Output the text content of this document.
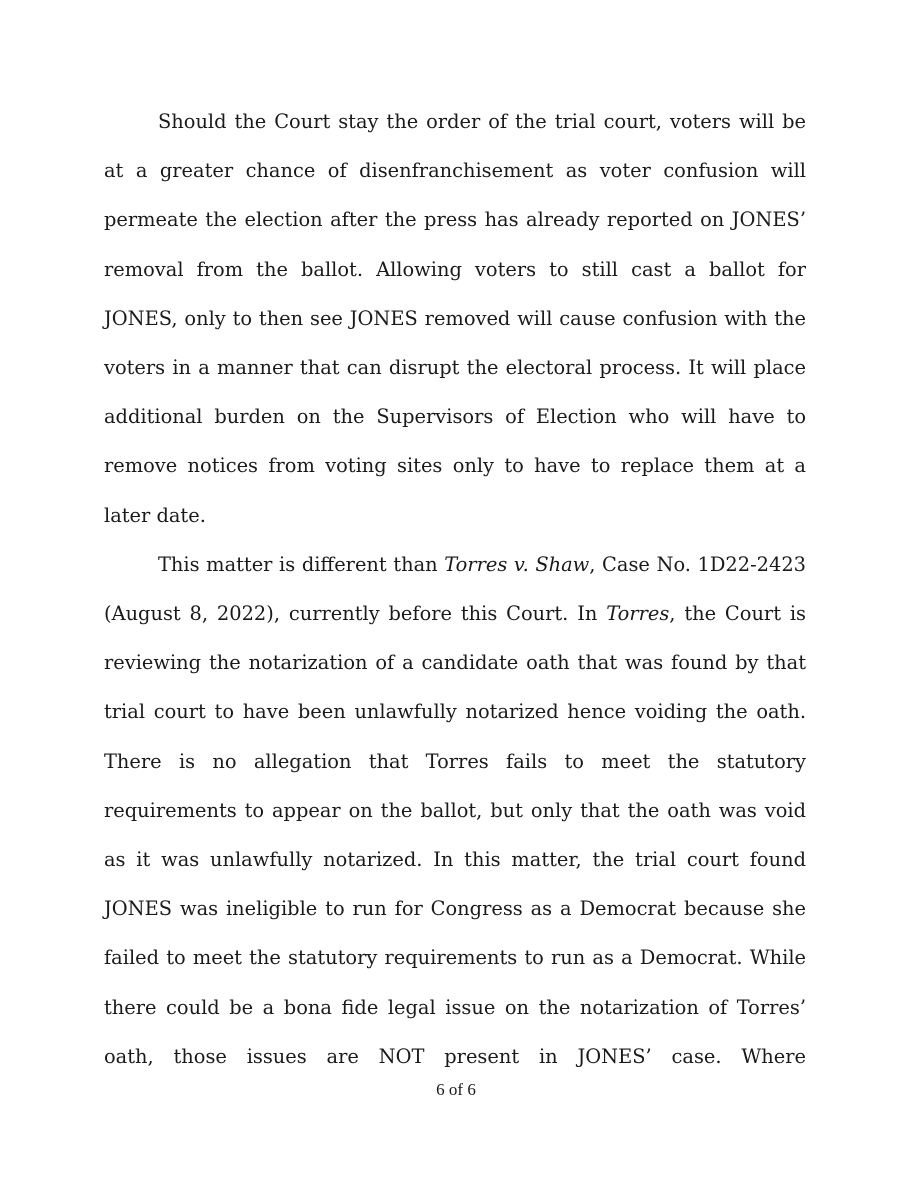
Should the Court stay the order of the trial court, voters will be at a greater chance of disenfranchisement as voter confusion will permeate the election after the press has already reported on JONES’ removal from the ballot. Allowing voters to still cast a ballot for JONES, only to then see JONES removed will cause confusion with the voters in a manner that can disrupt the electoral process. It will place additional burden on the Supervisors of Election who will have to remove notices from voting sites only to have to replace them at a later date.

This matter is different than Torres v. Shaw, Case No. 1D22-2423 (August 8, 2022), currently before this Court. In Torres, the Court is reviewing the notarization of a candidate oath that was found by that trial court to have been unlawfully notarized hence voiding the oath. There is no allegation that Torres fails to meet the statutory requirements to appear on the ballot, but only that the oath was void as it was unlawfully notarized. In this matter, the trial court found JONES was ineligible to run for Congress as a Democrat because she failed to meet the statutory requirements to run as a Democrat. While there could be a bona fide legal issue on the notarization of Torres’ oath, those issues are NOT present in JONES’ case. Where

6 of 6
